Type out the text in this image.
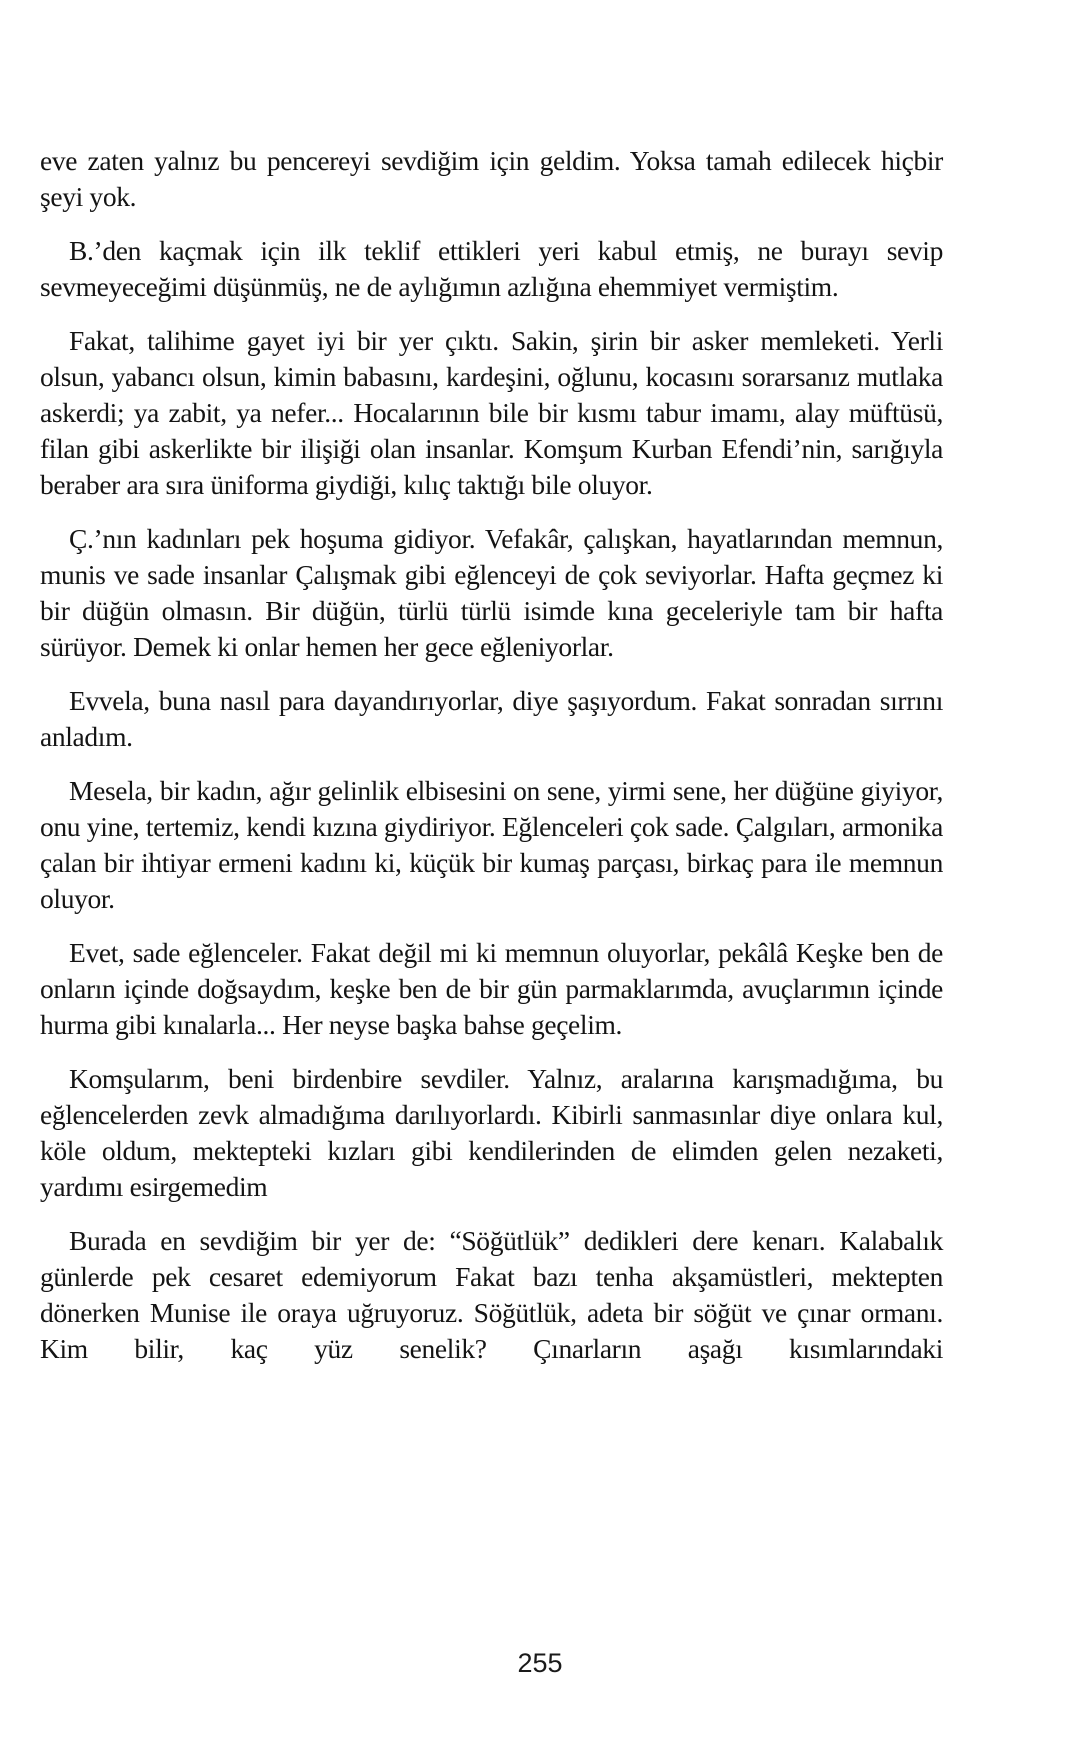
eve zaten yalnız bu pencereyi sevdiğim için geldim. Yoksa tamah edilecek hiçbir şeyi yok.

B.’den kaçmak için ilk teklif ettikleri yeri kabul etmiş, ne burayı sevip sevmeyeceğimi düşünmüş, ne de aylığımın azlığına ehemmiyet vermiştim.

Fakat, talihime gayet iyi bir yer çıktı. Sakin, şirin bir asker memleketi. Yerli olsun, yabancı olsun, kimin babasını, kardeşini, oğlunu, kocasını sorarsanız mutlaka askerdi; ya zabit, ya nefer... Hocalarının bile bir kısmı tabur imamı, alay müftüsü, filan gibi askerlikte bir ilişiği olan insanlar. Komşum Kurban Efendi’nin, sarığıyla beraber ara sıra üniforma giydiği, kılıç taktığı bile oluyor.

Ç.’nın kadınları pek hoşuma gidiyor. Vefakâr, çalışkan, hayatlarından memnun, munis ve sade insanlar Çalışmak gibi eğlenceyi de çok seviyorlar. Hafta geçmez ki bir düğün olmasın. Bir düğün, türlü türlü isimde kına geceleriyle tam bir hafta sürüyor. Demek ki onlar hemen her gece eğleniyorlar.

Evvela, buna nasıl para dayandırıyorlar, diye şaşıyordum. Fakat sonradan sırrını anladım.

Mesela, bir kadın, ağır gelinlik elbisesini on sene, yirmi sene, her düğüne giyiyor, onu yine, tertemiz, kendi kızına giydiriyor. Eğlenceleri çok sade. Çalgıları, armonika çalan bir ihtiyar ermeni kadını ki, küçük bir kumaş parçası, birkaç para ile memnun oluyor.

Evet, sade eğlenceler. Fakat değil mi ki memnun oluyorlar, pekâlâ Keşke ben de onların içinde doğsaydım, keşke ben de bir gün parmaklarımda, avuçlarımın içinde hurma gibi kınalarla... Her neyse başka bahse geçelim.

Komşularım, beni birdenbire sevdiler. Yalnız, aralarına karışmadığıma, bu eğlencelerden zevk almadığıma darılıyorlardı. Kibirli sanmasınlar diye onlara kul, köle oldum, mektepteki kızları gibi kendilerinden de elimden gelen nezaketi, yardımı esirgemedim

Burada en sevdiğim bir yer de: “Söğütlük” dedikleri dere kenarı. Kalabalık günlerde pek cesaret edemiyorum Fakat bazı tenha akşamüstleri, mektepten dönerken Munise ile oraya uğruyoruz. Söğütlük, adeta bir söğüt ve çınar ormanı. Kim bilir, kaç yüz senelik? Çınarların aşağı kısımlarındaki

255
